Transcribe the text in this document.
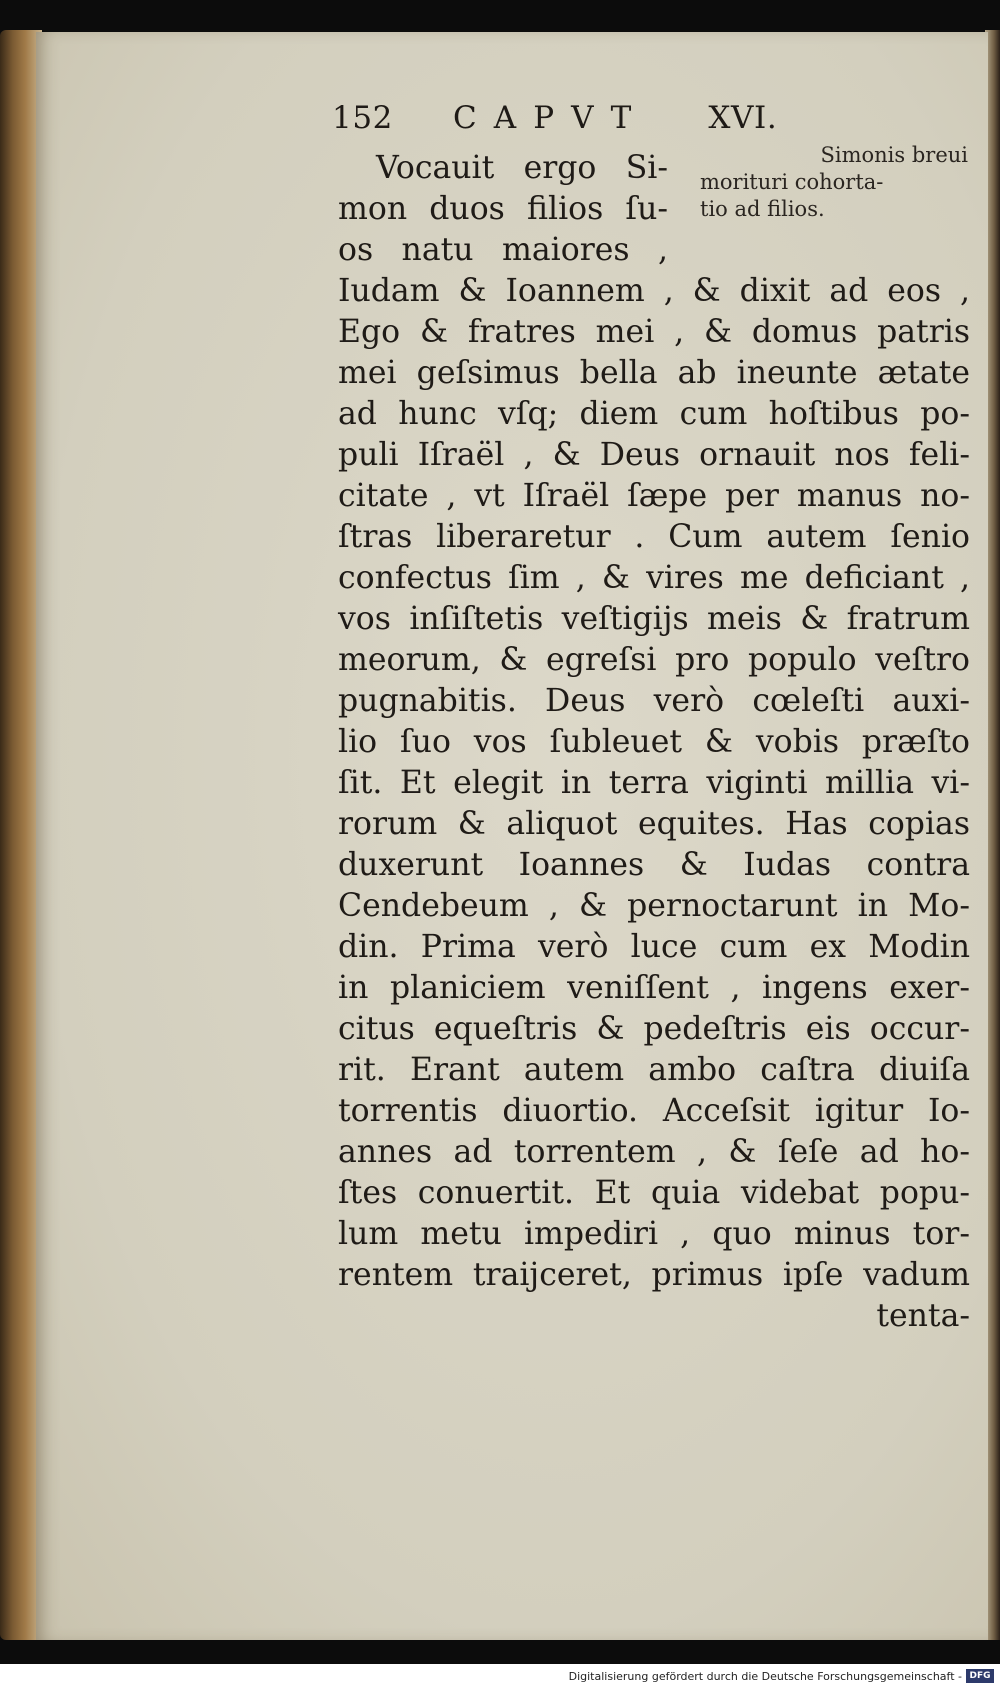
152 CAPVT XVI.
Simonis breui
morituri cohorta-
tio ad filios.
Vocauit ergo Si-
mon duos filios ſu-
os natu maiores ,
Iudam & Ioannem , & dixit ad eos ,
Ego & fratres mei , & domus patris
mei geſsimus bella ab ineunte ætate
ad hunc vſq; diem cum hoſtibus po-
puli Iſraël , & Deus ornauit nos feli-
citate , vt Iſraël ſæpe per manus no-
ſtras liberaretur . Cum autem ſenio
confectus ſim , & vires me deficiant ,
vos inſiſtetis veſtigijs meis & fratrum
meorum, & egreſsi pro populo veſtro
pugnabitis. Deus verò cœleſti auxi-
lio ſuo vos ſubleuet & vobis præſto
ſit. Et elegit in terra viginti millia vi-
rorum & aliquot equites. Has copias
duxerunt Ioannes & Iudas contra
Cendebeum , & pernoctarunt in Mo-
din. Prima verò luce cum ex Modin
in planiciem veniſſent , ingens exer-
citus equeſtris & pedeſtris eis occur-
rit. Erant autem ambo caſtra diuiſa
torrentis diuortio. Acceſsit igitur Io-
annes ad torrentem , & ſeſe ad ho-
ſtes conuertit. Et quia videbat popu-
lum metu impediri , quo minus tor-
rentem traijceret, primus ipſe vadum
tenta-
Digitalisierung gefördert durch die Deutsche Forschungsgemeinschaft - DFG
